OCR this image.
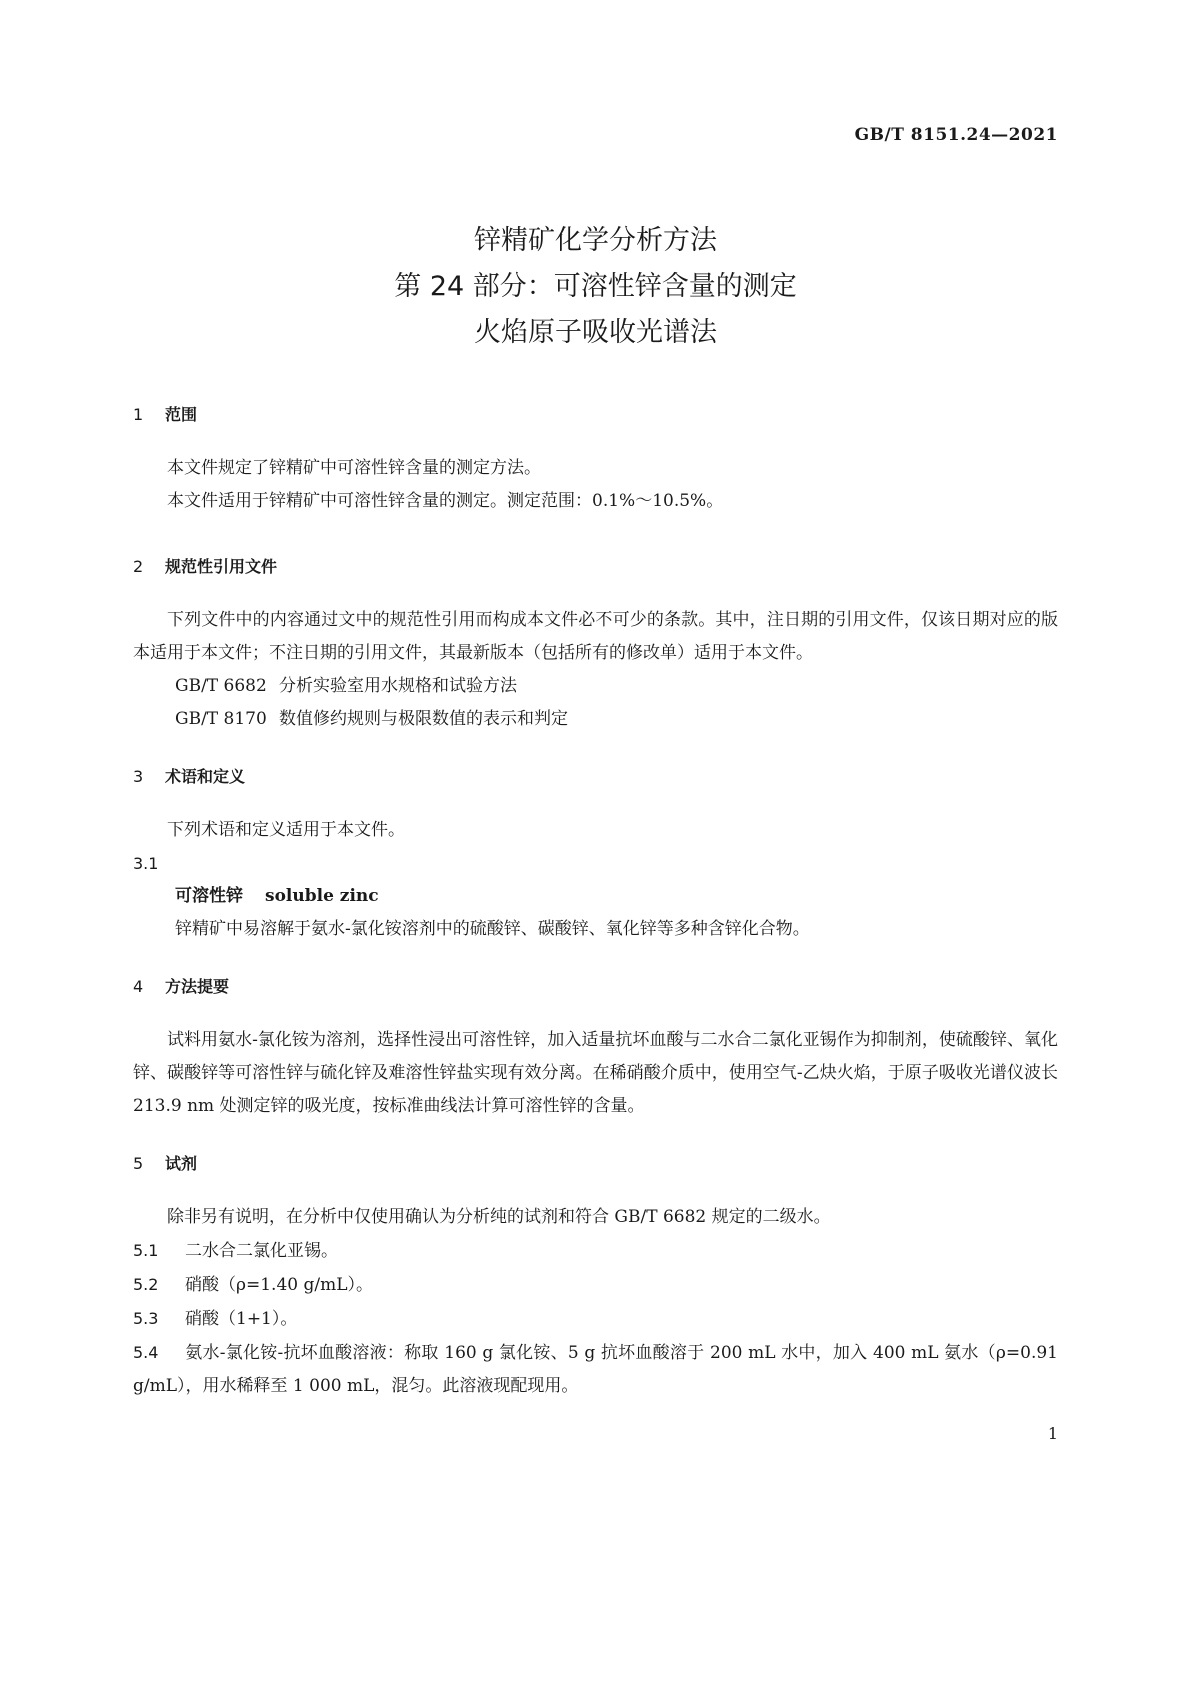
GB/T 8151.24—2021
锌精矿化学分析方法
第 24 部分：可溶性锌含量的测定
火焰原子吸收光谱法
1 范围
本文件规定了锌精矿中可溶性锌含量的测定方法。
本文件适用于锌精矿中可溶性锌含量的测定。测定范围：0.1%～10.5%。
2 规范性引用文件
下列文件中的内容通过文中的规范性引用而构成本文件必不可少的条款。其中，注日期的引用文件，仅该日期对应的版本适用于本文件；不注日期的引用文件，其最新版本（包括所有的修改单）适用于本文件。
GB/T 6682 分析实验室用水规格和试验方法
GB/T 8170 数值修约规则与极限数值的表示和判定
3 术语和定义
下列术语和定义适用于本文件。
3.1
可溶性锌 soluble zinc
锌精矿中易溶解于氨水-氯化铵溶剂中的硫酸锌、碳酸锌、氧化锌等多种含锌化合物。
4 方法提要
试料用氨水-氯化铵为溶剂，选择性浸出可溶性锌，加入适量抗坏血酸与二水合二氯化亚锡作为抑制剂，使硫酸锌、氧化锌、碳酸锌等可溶性锌与硫化锌及难溶性锌盐实现有效分离。在稀硝酸介质中，使用空气-乙炔火焰，于原子吸收光谱仪波长 213.9 nm 处测定锌的吸光度，按标准曲线法计算可溶性锌的含量。
5 试剂
除非另有说明，在分析中仅使用确认为分析纯的试剂和符合 GB/T 6682 规定的二级水。
5.1 二水合二氯化亚锡。
5.2 硝酸（ρ=1.40 g/mL）。
5.3 硝酸（1+1）。
5.4 氨水-氯化铵-抗坏血酸溶液：称取 160 g 氯化铵、5 g 抗坏血酸溶于 200 mL 水中，加入 400 mL 氨水（ρ=0.91 g/mL），用水稀释至 1 000 mL，混匀。此溶液现配现用。
1
